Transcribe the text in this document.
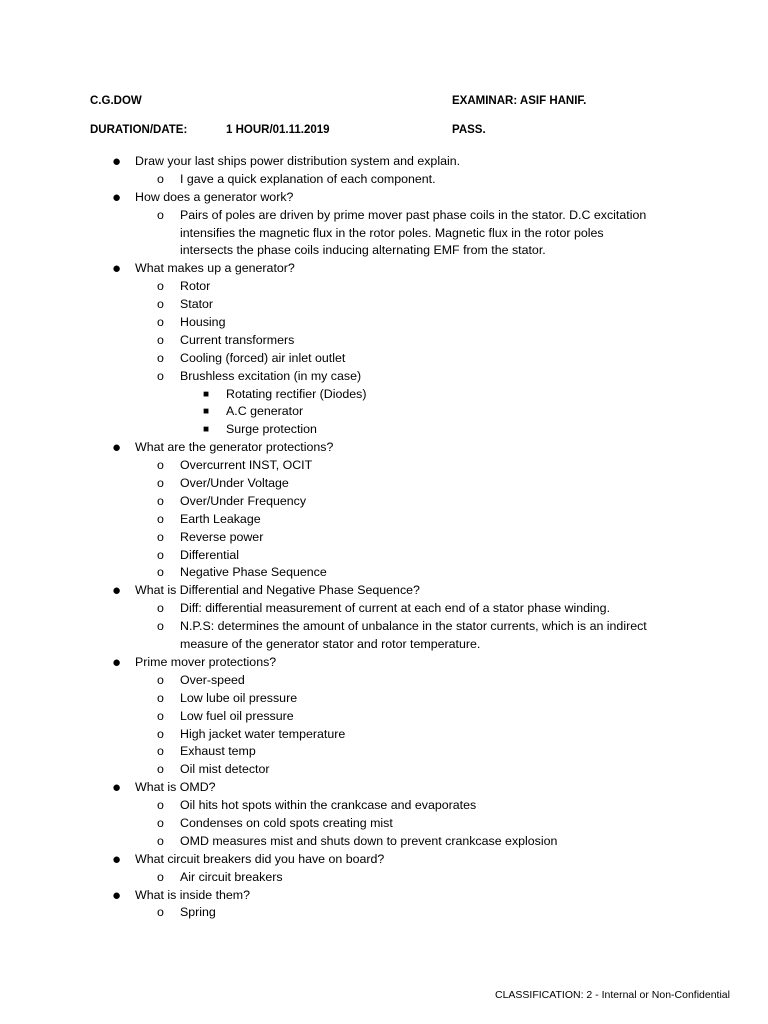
C.G.DOW	EXAMINAR: ASIF HANIF.
DURATION/DATE:	1 HOUR/01.11.2019	PASS.
● Draw your last ships power distribution system and explain.
o I gave a quick explanation of each component.
● How does a generator work?
o Pairs of poles are driven by prime mover past phase coils in the stator. D.C excitation
intensifies the magnetic flux in the rotor poles. Magnetic flux in the rotor poles
intersects the phase coils inducing alternating EMF from the stator.
● What makes up a generator?
o Rotor
o Stator
o Housing
o Current transformers
o Cooling (forced) air inlet outlet
o Brushless excitation (in my case)
■ Rotating rectifier (Diodes)
■ A.C generator
■ Surge protection
● What are the generator protections?
o Overcurrent INST, OCIT
o Over/Under Voltage
o Over/Under Frequency
o Earth Leakage
o Reverse power
o Differential
o Negative Phase Sequence
● What is Differential and Negative Phase Sequence?
o Diff: differential measurement of current at each end of a stator phase winding.
o N.P.S: determines the amount of unbalance in the stator currents, which is an indirect
measure of the generator stator and rotor temperature.
● Prime mover protections?
o Over-speed
o Low lube oil pressure
o Low fuel oil pressure
o High jacket water temperature
o Exhaust temp
o Oil mist detector
● What is OMD?
o Oil hits hot spots within the crankcase and evaporates
o Condenses on cold spots creating mist
o OMD measures mist and shuts down to prevent crankcase explosion
● What circuit breakers did you have on board?
o Air circuit breakers
● What is inside them?
o Spring
CLASSIFICATION: 2 - Internal or Non-Confidential
